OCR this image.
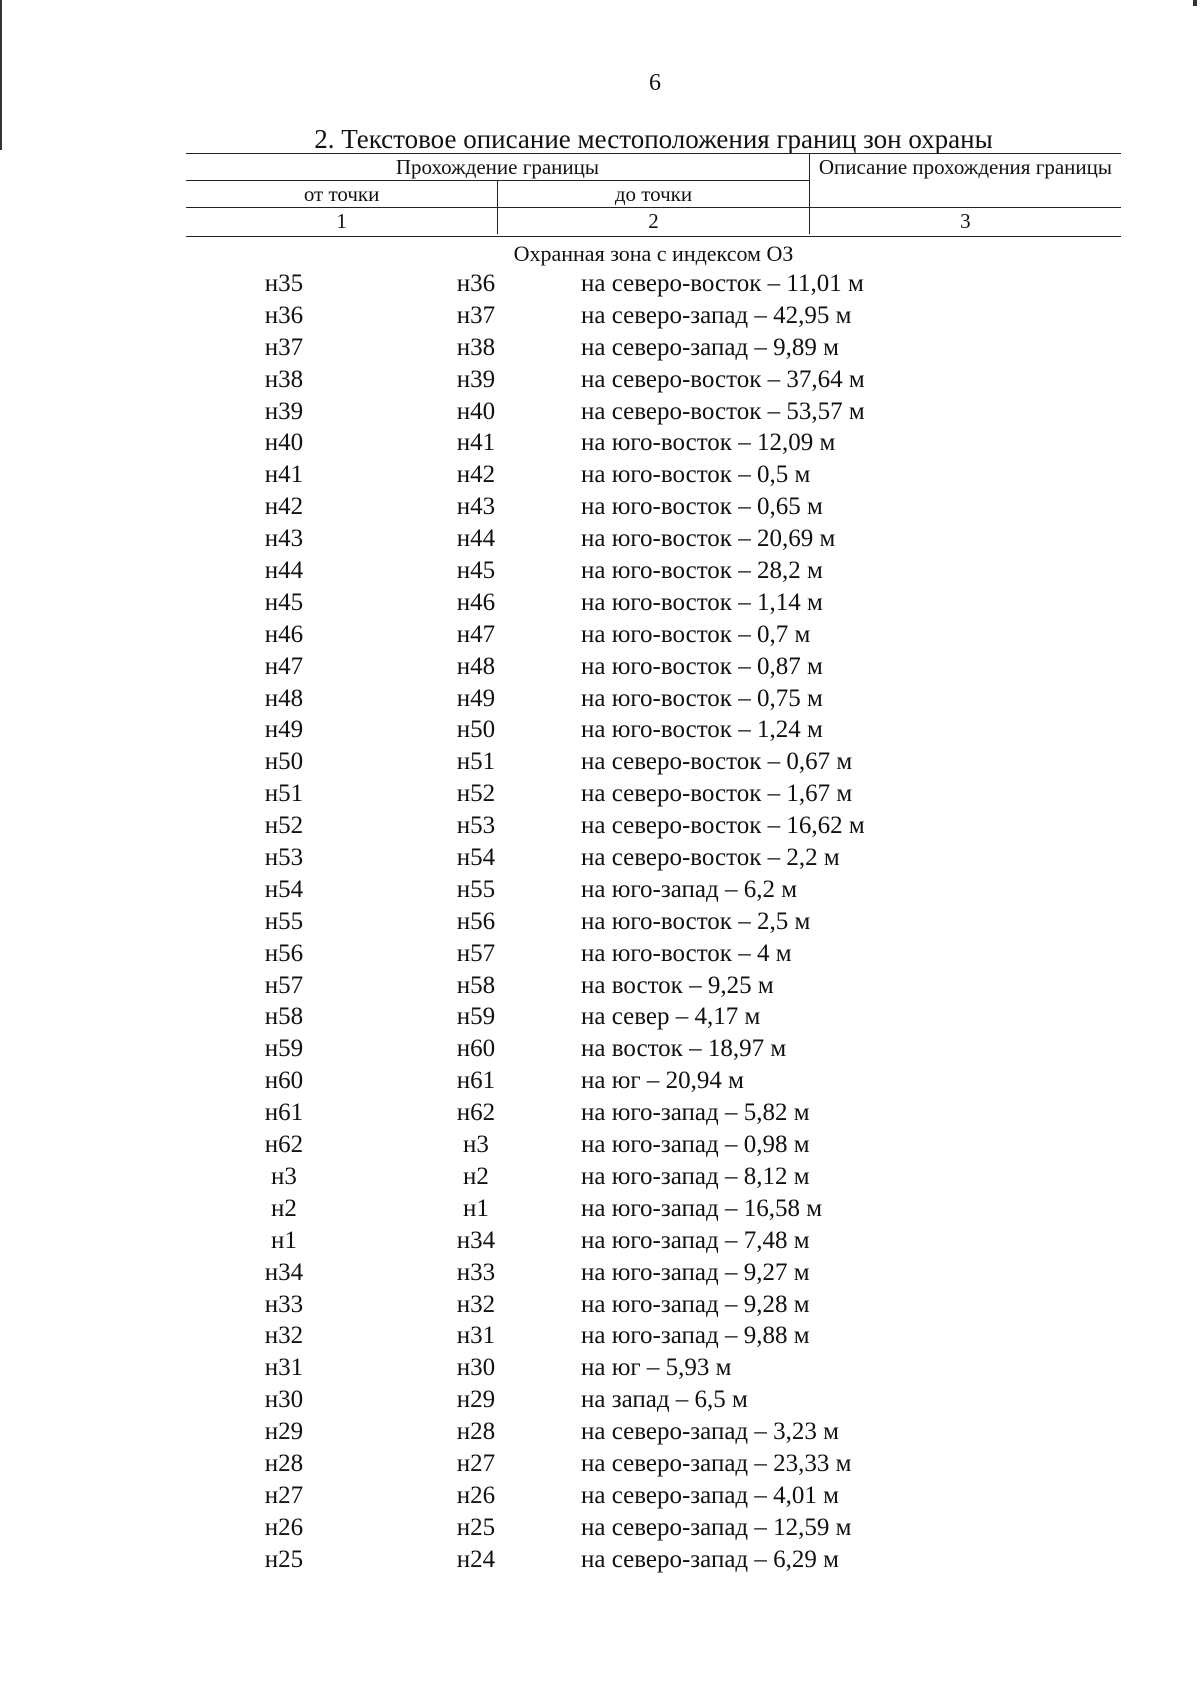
6
2. Текстовое описание местоположения границ зон охраны
Прохождение границы		Описание прохождения границы
от точки	до точки	
1	2	3
Охранная зона с индексом ОЗ
н35	н36	на северо-восток – 11,01 м
н36	н37	на северо-запад – 42,95 м
н37	н38	на северо-запад – 9,89 м
н38	н39	на северо-восток – 37,64 м
н39	н40	на северо-восток – 53,57 м
н40	н41	на юго-восток – 12,09 м
н41	н42	на юго-восток – 0,5 м
н42	н43	на юго-восток – 0,65 м
н43	н44	на юго-восток – 20,69 м
н44	н45	на юго-восток – 28,2 м
н45	н46	на юго-восток – 1,14 м
н46	н47	на юго-восток – 0,7 м
н47	н48	на юго-восток – 0,87 м
н48	н49	на юго-восток – 0,75 м
н49	н50	на юго-восток – 1,24 м
н50	н51	на северо-восток – 0,67 м
н51	н52	на северо-восток – 1,67 м
н52	н53	на северо-восток – 16,62 м
н53	н54	на северо-восток – 2,2 м
н54	н55	на юго-запад – 6,2 м
н55	н56	на юго-восток – 2,5 м
н56	н57	на юго-восток – 4 м
н57	н58	на восток – 9,25 м
н58	н59	на север – 4,17 м
н59	н60	на восток – 18,97 м
н60	н61	на юг – 20,94 м
н61	н62	на юго-запад – 5,82 м
н62	н3	на юго-запад – 0,98 м
н3	н2	на юго-запад – 8,12 м
н2	н1	на юго-запад – 16,58 м
н1	н34	на юго-запад – 7,48 м
н34	н33	на юго-запад – 9,27 м
н33	н32	на юго-запад – 9,28 м
н32	н31	на юго-запад – 9,88 м
н31	н30	на юг – 5,93 м
н30	н29	на запад – 6,5 м
н29	н28	на северо-запад – 3,23 м
н28	н27	на северо-запад – 23,33 м
н27	н26	на северо-запад – 4,01 м
н26	н25	на северо-запад – 12,59 м
н25	н24	на северо-запад – 6,29 м
